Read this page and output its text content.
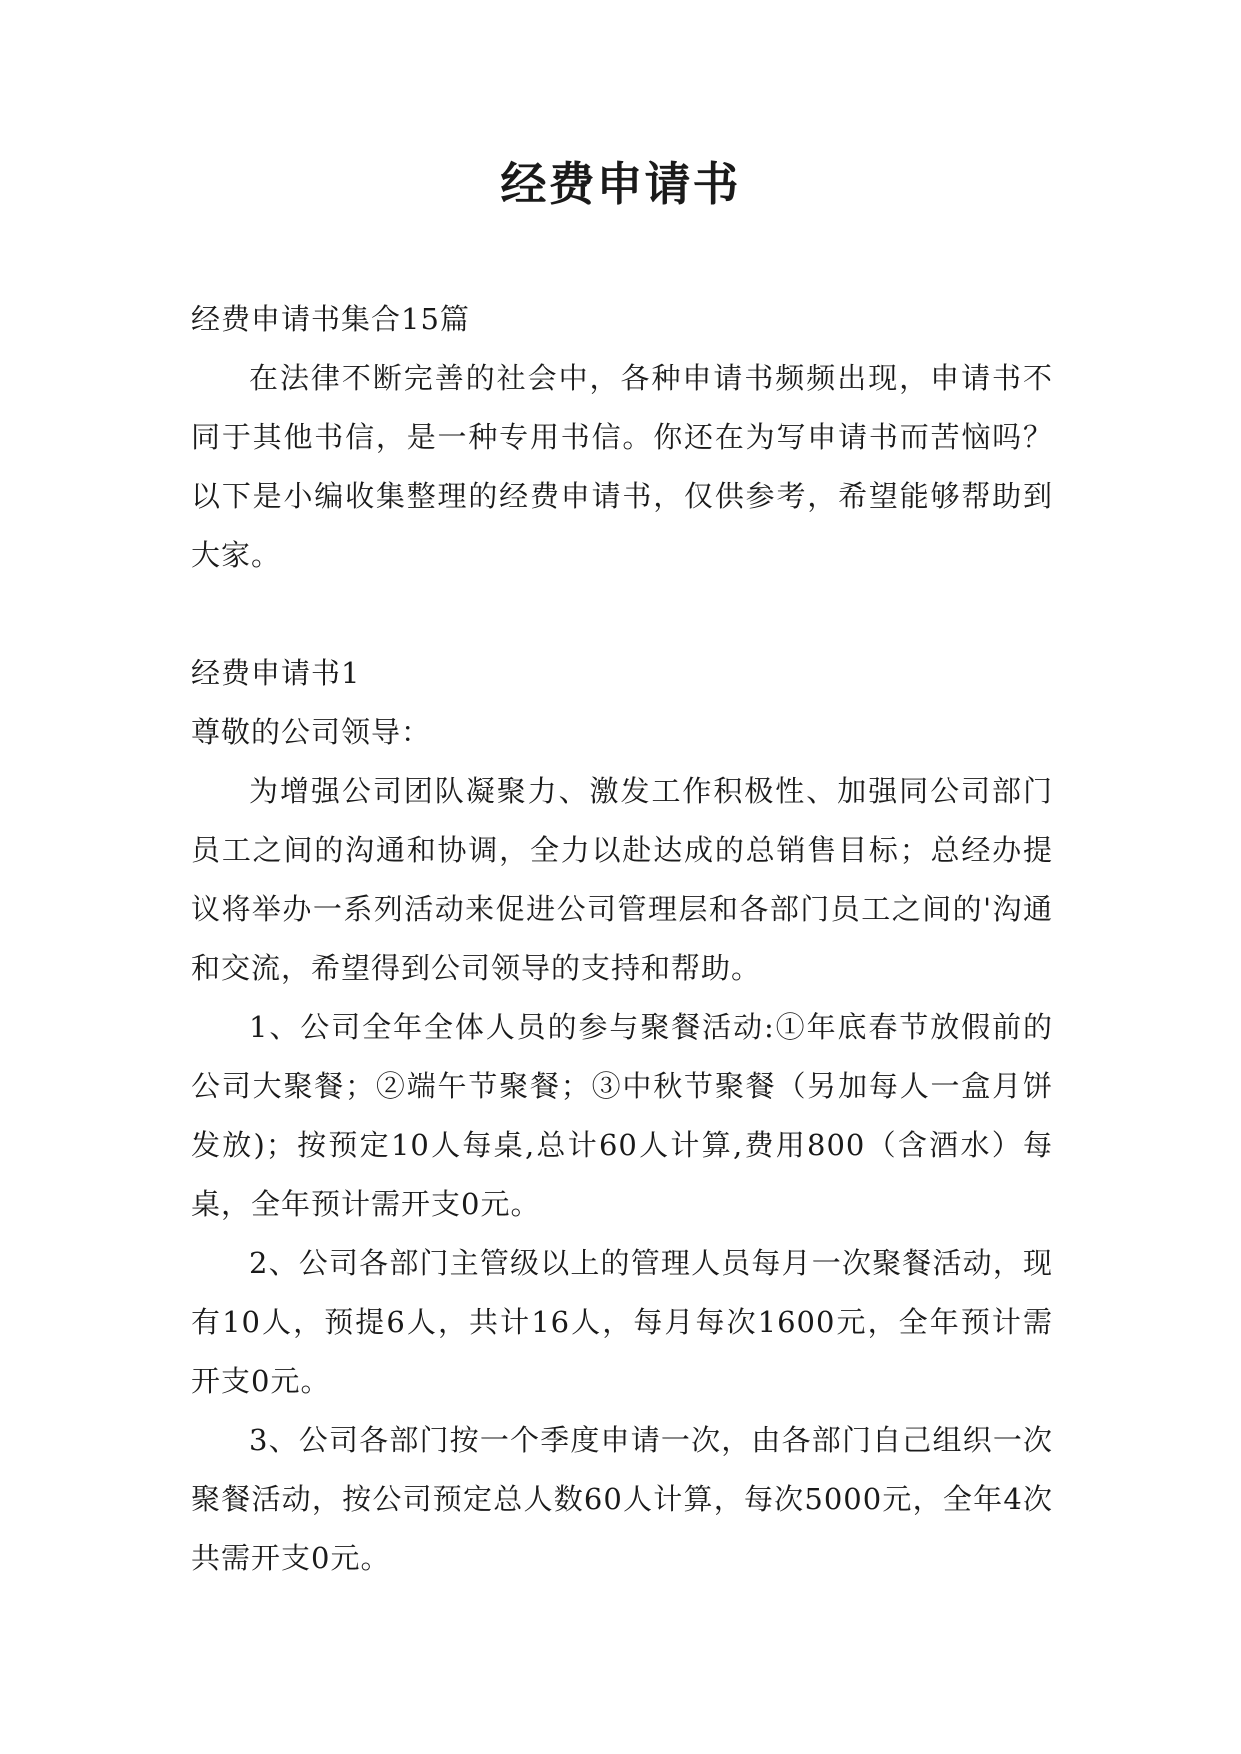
经费申请书

经费申请书集合15篇

在法律不断完善的社会中，各种申请书频频出现，申请书不同于其他书信，是一种专用书信。你还在为写申请书而苦恼吗？以下是小编收集整理的经费申请书，仅供参考，希望能够帮助到大家。

经费申请书1

尊敬的公司领导：

为增强公司团队凝聚力、激发工作积极性、加强同公司部门员工之间的沟通和协调，全力以赴达成的总销售目标；总经办提议将举办一系列活动来促进公司管理层和各部门员工之间的'沟通和交流，希望得到公司领导的支持和帮助。

1、公司全年全体人员的参与聚餐活动:①年底春节放假前的公司大聚餐；②端午节聚餐；③中秋节聚餐（另加每人一盒月饼发放)；按预定10人每桌,总计60人计算,费用800（含酒水）每桌，全年预计需开支0元。

2、公司各部门主管级以上的管理人员每月一次聚餐活动，现有10人，预提6人，共计16人，每月每次1600元，全年预计需开支0元。

3、公司各部门按一个季度申请一次，由各部门自己组织一次聚餐活动，按公司预定总人数60人计算，每次5000元，全年4次共需开支0元。
